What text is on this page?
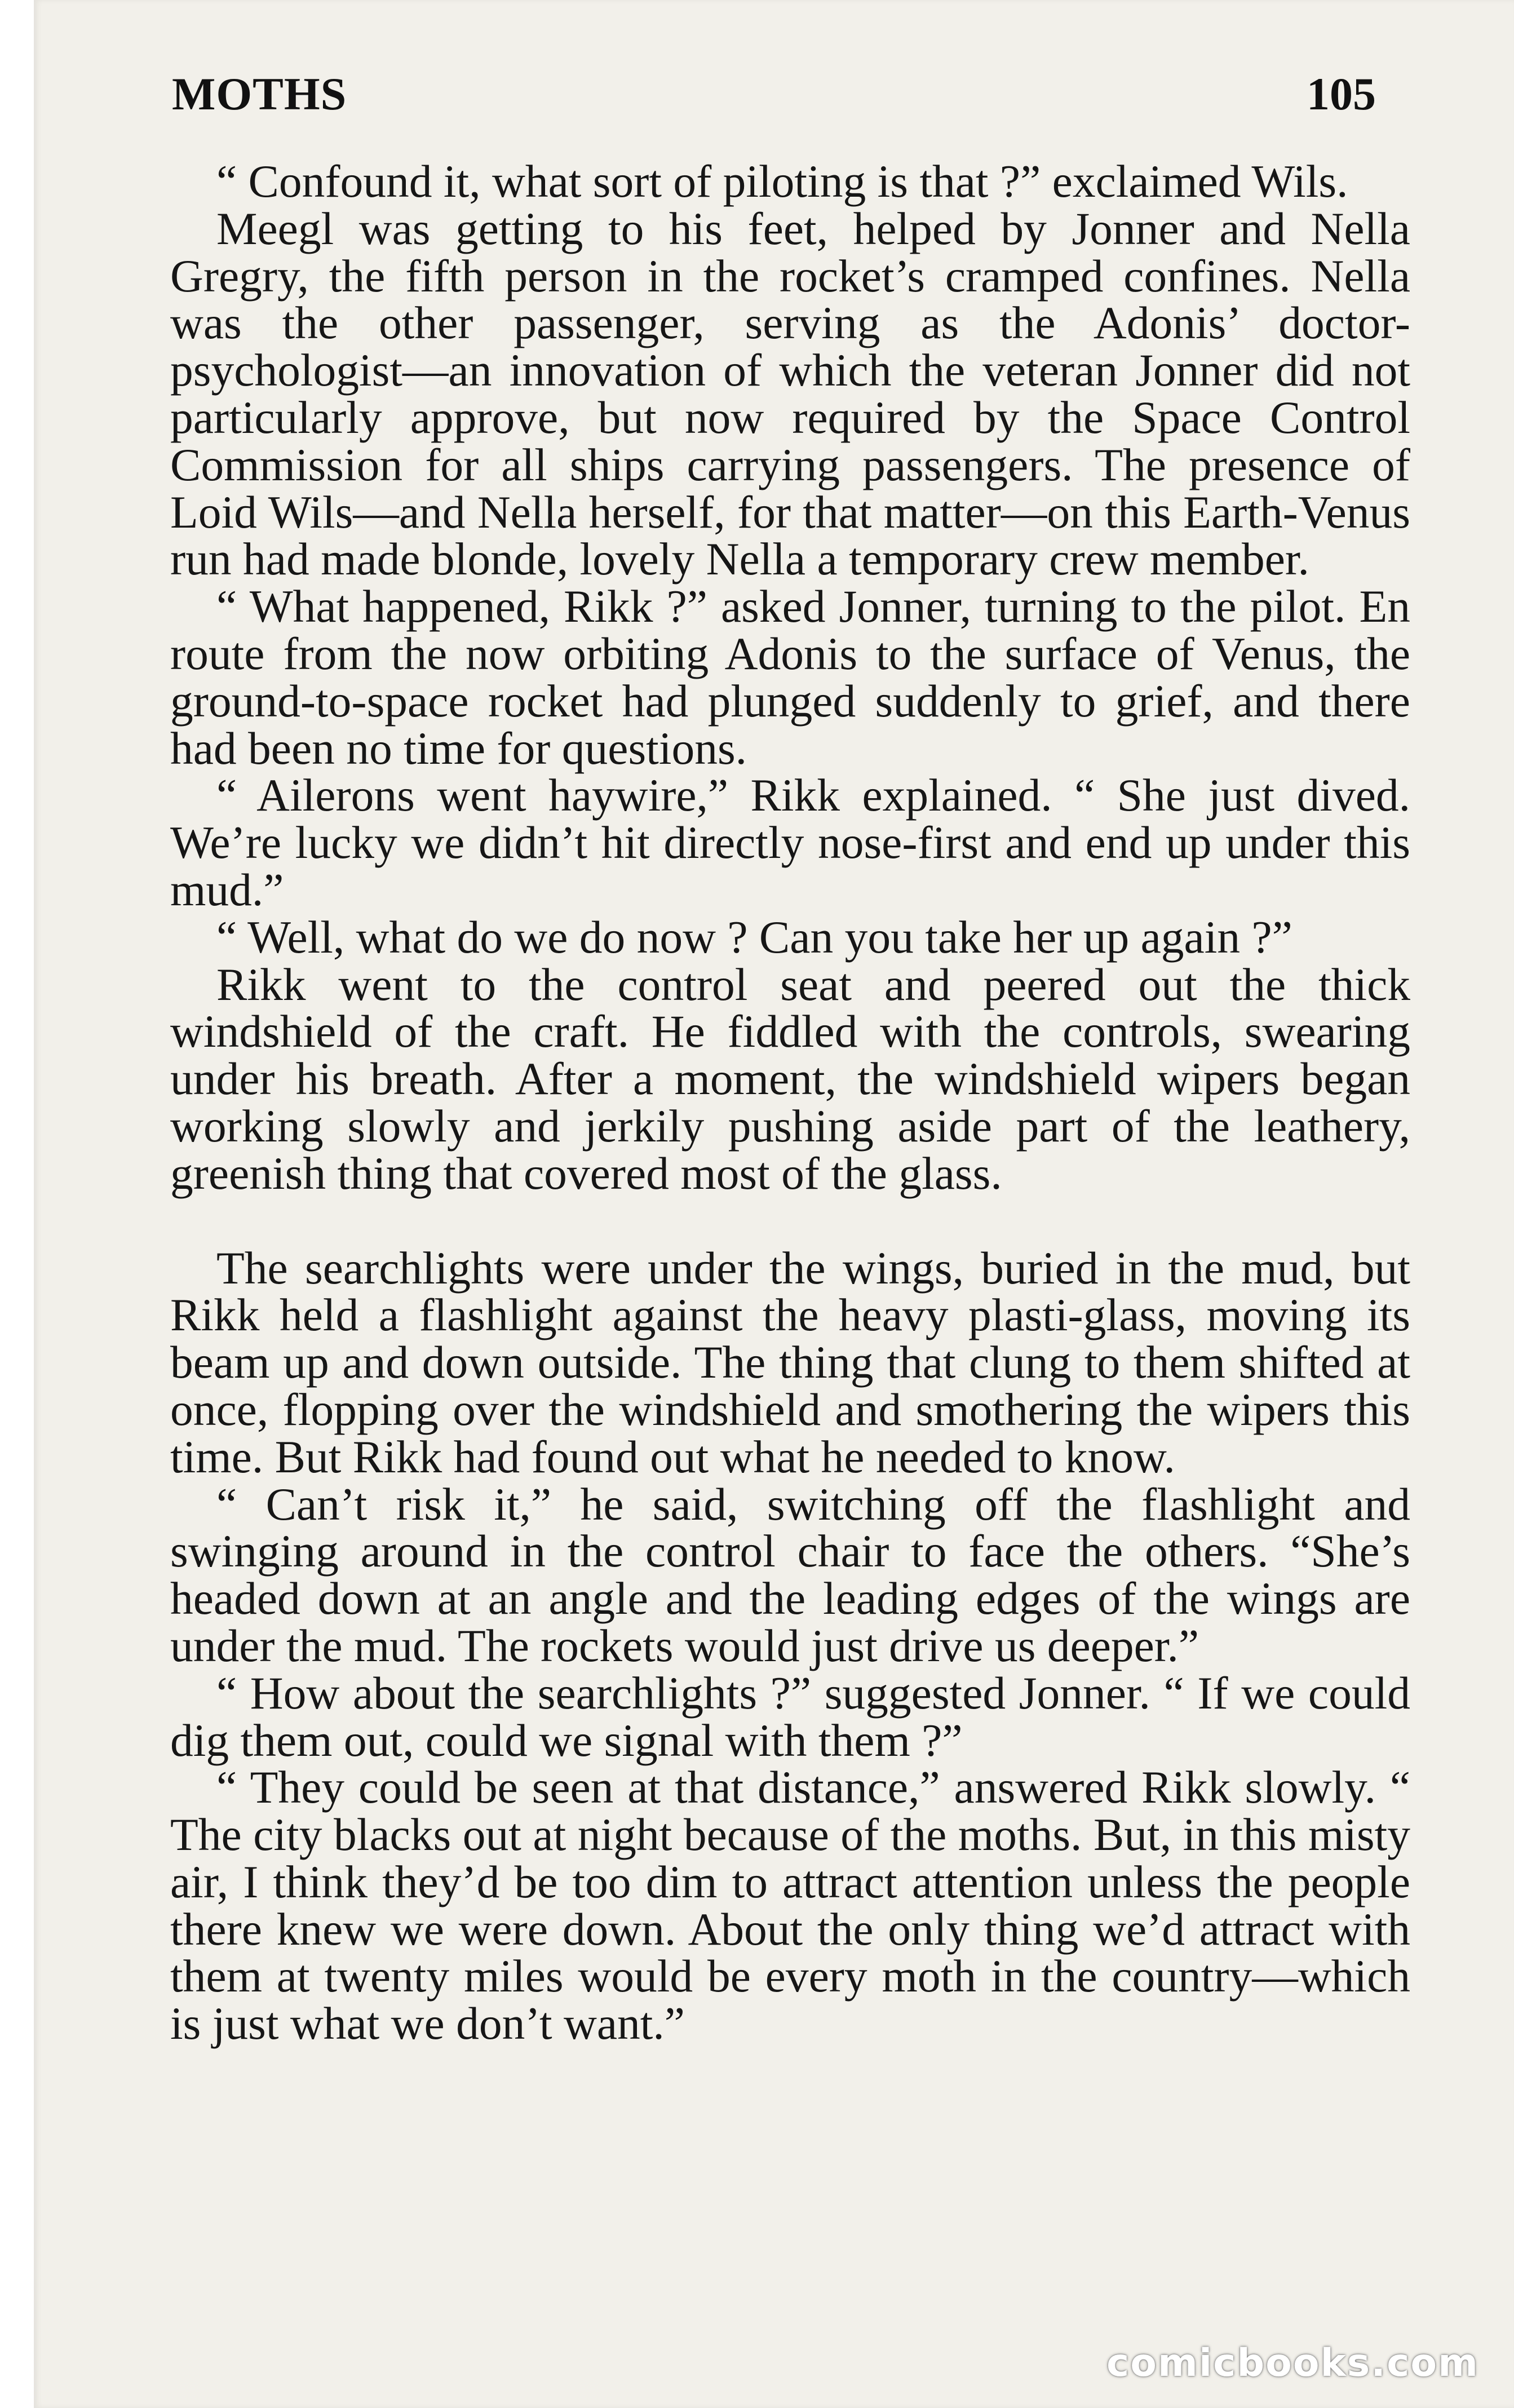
MOTHS	105

“ Confound it, what sort of piloting is that ?” exclaimed Wils.

Meegl was getting to his feet, helped by Jonner and Nella Gregry, the fifth person in the rocket’s cramped confines. Nella was the other passenger, serving as the Adonis’ doctor-psychologist—an innovation of which the veteran Jonner did not particularly approve, but now required by the Space Control Commission for all ships carrying passengers. The presence of Loid Wils—and Nella herself, for that matter—on this Earth-Venus run had made blonde, lovely Nella a temporary crew member.

“ What happened, Rikk ?” asked Jonner, turning to the pilot. En route from the now orbiting Adonis to the surface of Venus, the ground-to-space rocket had plunged suddenly to grief, and there had been no time for questions.

“ Ailerons went haywire,” Rikk explained. “ She just dived. We’re lucky we didn’t hit directly nose-first and end up under this mud.”

“ Well, what do we do now ? Can you take her up again ?”

Rikk went to the control seat and peered out the thick windshield of the craft. He fiddled with the controls, swearing under his breath. After a moment, the windshield wipers began working slowly and jerkily pushing aside part of the leathery, greenish thing that covered most of the glass.

The searchlights were under the wings, buried in the mud, but Rikk held a flashlight against the heavy plasti-glass, moving its beam up and down outside. The thing that clung to them shifted at once, flopping over the windshield and smothering the wipers this time. But Rikk had found out what he needed to know.

“ Can’t risk it,” he said, switching off the flashlight and swinging around in the control chair to face the others. “She’s headed down at an angle and the leading edges of the wings are under the mud. The rockets would just drive us deeper.”

“ How about the searchlights ?” suggested Jonner. “ If we could dig them out, could we signal with them ?”

“ They could be seen at that distance,” answered Rikk slowly. “ The city blacks out at night because of the moths. But, in this misty air, I think they’d be too dim to attract attention unless the people there knew we were down. About the only thing we’d attract with them at twenty miles would be every moth in the country—which is just what we don’t want.”

comicbooks.com
